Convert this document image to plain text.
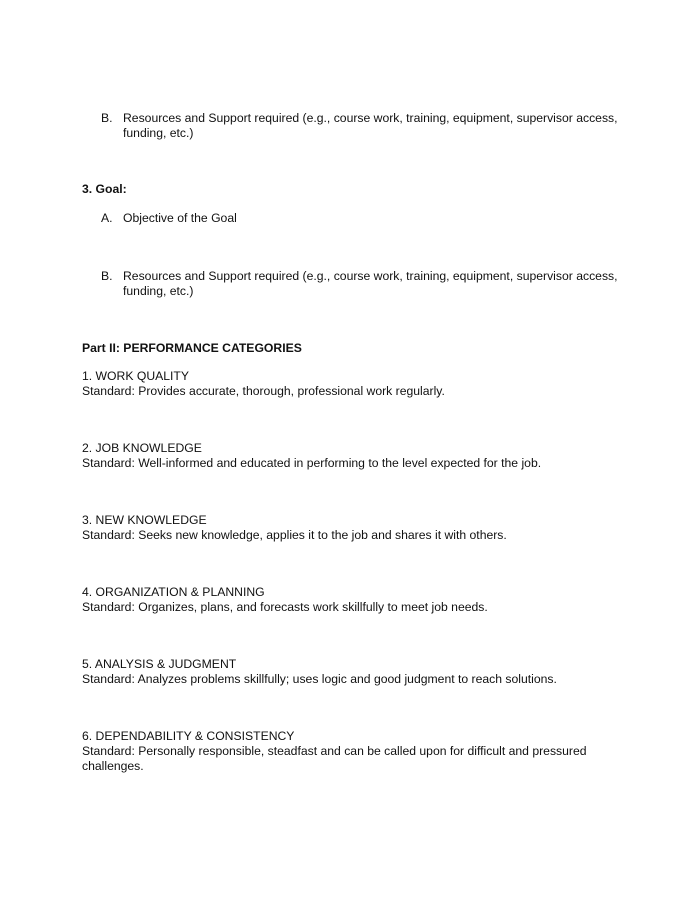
B. Resources and Support required (e.g., course work, training, equipment, supervisor access, funding, etc.)
3. Goal:
A. Objective of the Goal
B. Resources and Support required (e.g., course work, training, equipment, supervisor access, funding, etc.)
Part II: PERFORMANCE CATEGORIES
1. WORK QUALITY
Standard: Provides accurate, thorough, professional work regularly.
2. JOB KNOWLEDGE
Standard: Well-informed and educated in performing to the level expected for the job.
3. NEW KNOWLEDGE
Standard: Seeks new knowledge, applies it to the job and shares it with others.
4. ORGANIZATION & PLANNING
Standard: Organizes, plans, and forecasts work skillfully to meet job needs.
5. ANALYSIS & JUDGMENT
Standard: Analyzes problems skillfully; uses logic and good judgment to reach solutions.
6. DEPENDABILITY & CONSISTENCY
Standard: Personally responsible, steadfast and can be called upon for difficult and pressured challenges.
